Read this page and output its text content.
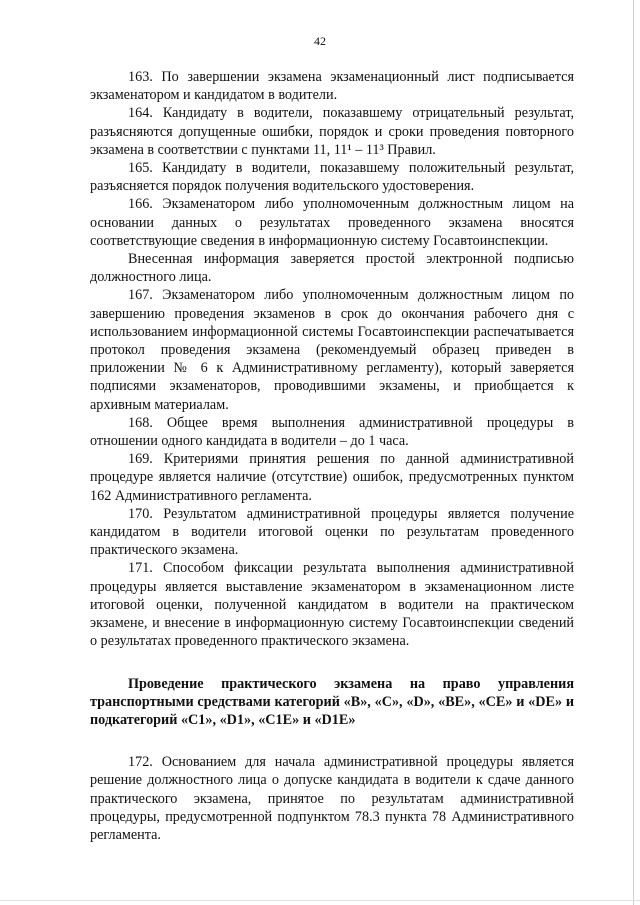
42

163. По завершении экзамена экзаменационный лист подписывается экзаменатором и кандидатом в водители.

164. Кандидату в водители, показавшему отрицательный результат, разъясняются допущенные ошибки, порядок и сроки проведения повторного экзамена в соответствии с пунктами 11, 11¹ – 11³ Правил.

165. Кандидату в водители, показавшему положительный результат, разъясняется порядок получения водительского удостоверения.

166. Экзаменатором либо уполномоченным должностным лицом на основании данных о результатах проведенного экзамена вносятся соответствующие сведения в информационную систему Госавтоинспекции.

Внесенная информация заверяется простой электронной подписью должностного лица.

167. Экзаменатором либо уполномоченным должностным лицом по завершению проведения экзаменов в срок до окончания рабочего дня с использованием информационной системы Госавтоинспекции распечатывается протокол проведения экзамена (рекомендуемый образец приведен в приложении № 6 к Административному регламенту), который заверяется подписями экзаменаторов, проводившими экзамены, и приобщается к архивным материалам.

168. Общее время выполнения административной процедуры в отношении одного кандидата в водители – до 1 часа.

169. Критериями принятия решения по данной административной процедуре является наличие (отсутствие) ошибок, предусмотренных пунктом 162 Административного регламента.

170. Результатом административной процедуры является получение кандидатом в водители итоговой оценки по результатам проведенного практического экзамена.

171. Способом фиксации результата выполнения административной процедуры является выставление экзаменатором в экзаменационном листе итоговой оценки, полученной кандидатом в водители на практическом экзамене, и внесение в информационную систему Госавтоинспекции сведений о результатах проведенного практического экзамена.

Проведение практического экзамена на право управления транспортными средствами категорий «B», «C», «D», «BE», «CE» и «DE» и подкатегорий «C1», «D1», «C1E» и «D1E»

172. Основанием для начала административной процедуры является решение должностного лица о допуске кандидата в водители к сдаче данного практического экзамена, принятое по результатам административной процедуры, предусмотренной подпунктом 78.3 пункта 78 Административного регламента.
